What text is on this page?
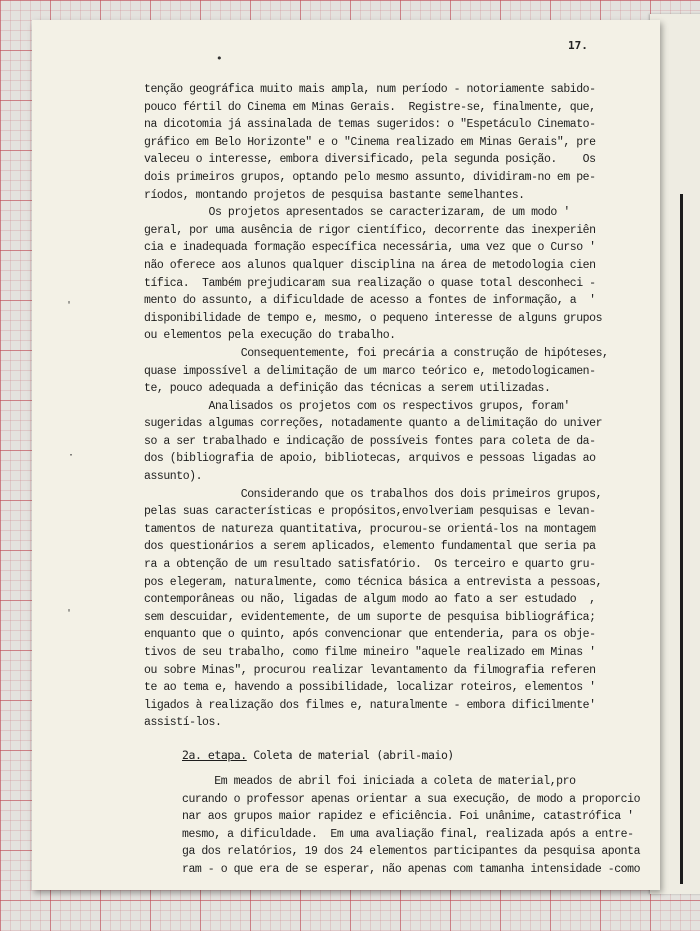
17.
•
tenção geográfica muito mais ampla, num período - notoriamente sabido-
pouco fértil do Cinema em Minas Gerais.  Registre-se, finalmente, que,
na dicotomia já assinalada de temas sugeridos: o "Espetáculo Cinemato-
gráfico em Belo Horizonte" e o "Cinema realizado em Minas Gerais", pre
valeceu o interesse, embora diversificado, pela segunda posição.    Os
dois primeiros grupos, optando pelo mesmo assunto, dividiram-no em pe-
ríodos, montando projetos de pesquisa bastante semelhantes.
Os projetos apresentados se caracterizaram, de um modo '
geral, por uma ausência de rigor científico, decorrente das inexperiên
cia e inadequada formação específica necessária, uma vez que o Curso '
não oferece aos alunos qualquer disciplina na área de metodologia cien
tífica.  Também prejudicaram sua realização o quase total desconheci -
mento do assunto, a dificuldade de acesso a fontes de informação, a  '
disponibilidade de tempo e, mesmo, o pequeno interesse de alguns grupos
ou elementos pela execução do trabalho.
Consequentemente, foi precária a construção de hipóteses,
quase impossível a delimitação de um marco teórico e, metodologicamen-
te, pouco adequada a definição das técnicas a serem utilizadas.
Analisados os projetos com os respectivos grupos, foram'
sugeridas algumas correções, notadamente quanto a delimitação do univer
so a ser trabalhado e indicação de possíveis fontes para coleta de da-
dos (bibliografia de apoio, bibliotecas, arquivos e pessoas ligadas ao
assunto).
Considerando que os trabalhos dos dois primeiros grupos,
pelas suas características e propósitos,envolveriam pesquisas e levan-
tamentos de natureza quantitativa, procurou-se orientá-los na montagem
dos questionários a serem aplicados, elemento fundamental que seria pa
ra a obtenção de um resultado satisfatório.  Os terceiro e quarto gru-
pos elegeram, naturalmente, como técnica básica a entrevista a pessoas,
contemporâneas ou não, ligadas de algum modo ao fato a ser estudado  ,
sem descuidar, evidentemente, de um suporte de pesquisa bibliográfica;
enquanto que o quinto, após convencionar que entenderia, para os obje-
tivos de seu trabalho, como filme mineiro "aquele realizado em Minas '
ou sobre Minas", procurou realizar levantamento da filmografia referen
te ao tema e, havendo a possibilidade, localizar roteiros, elementos '
ligados à realização dos filmes e, naturalmente - embora dificilmente'
assistí-los.
2a. etapa. Coleta de material (abril-maio)
Em meados de abril foi iniciada a coleta de material,pro
curando o professor apenas orientar a sua execução, de modo a proporcio
nar aos grupos maior rapidez e eficiência. Foi unânime, catastrófica '
mesmo, a dificuldade.  Em uma avaliação final, realizada após a entre-
ga dos relatórios, 19 dos 24 elementos participantes da pesquisa aponta
ram - o que era de se esperar, não apenas com tamanha intensidade -como
'
·
'
